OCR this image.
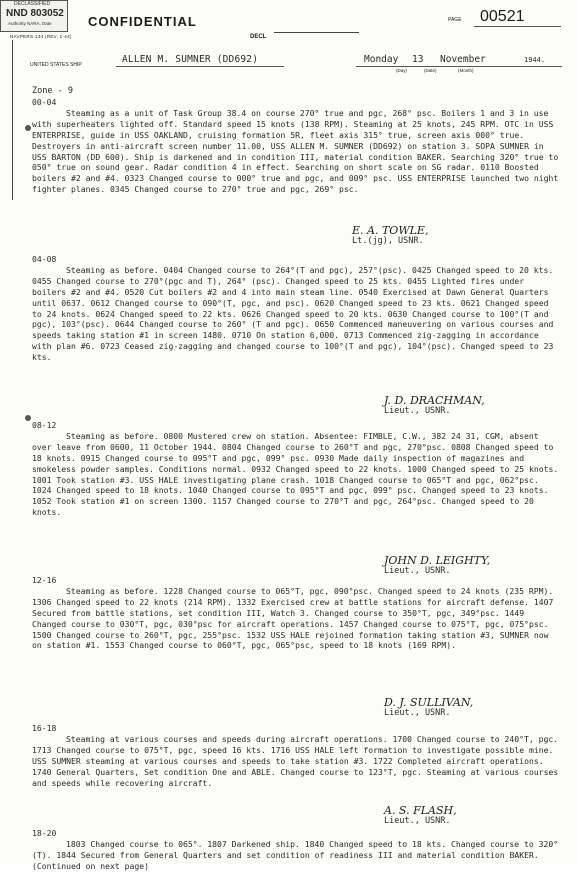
CONFIDENTIAL
NAVPERS-134 (REV. 1-44)
DECLASSIFIED
NND 803052
Authority NARA, Date
DECL
PAGE 00521
UNITED STATES SHIP	ALLEN M. SUMNER (DD692)	Monday 13 November	1944.
(Day)	(Date)	(Month)
Zone - 9
00-04
Steaming as a unit of Task Group 38.4 on course 270° true and pgc, 268° psc. Boilers 1 and 3 in use with superheaters lighted off. Standard speed 15 knots (138 RPM). Steaming at 25 knots, 245 RPM. OTC in USS ENTERPRISE, guide in USS OAKLAND, cruising formation 5R, fleet axis 315° true, screen axis 000° true. Destroyers in anti-aircraft screen number 11.00, USS ALLEN M. SUMNER (DD692) on station 3. SOPA SUMNER in USS BARTON (DD 600). Ship is darkened and in condition III, material condition BAKER. Searching 320° true to 050° true on sound gear. Radar condition 4 in effect. Searching on short scale on SG radar. 0110 Boosted boilers #2 and #4. 0323 Changed course to 000° true and pgc, and 009° psc. USS ENTERPRISE launched two night fighter planes. 0345 Changed course to 270° true and pgc, 269° psc.
E. A. TOWLE,
Lt.(jg), USNR.
04-08
Steaming as before. 0404 Changed course to 264°(T and pgc), 257°(psc). 0425 Changed speed to 20 kts. 0455 Changed course to 270°(pgc and T), 264° (psc). Changed speed to 25 kts. 0455 Lighted fires under boilers #2 and #4. 0520 Cut boilers #2 and 4 into main steam line. 0540 Exercised at Dawn General Quarters until 0637. 0612 Changed course to 090°(T, pgc, and psc). 0620 Changed speed to 23 kts. 0621 Changed speed to 24 knots. 0624 Changed speed to 22 kts. 0626 Changed speed to 20 kts. 0630 Changed course to 100°(T and pgc), 103°(psc). 0644 Changed course to 260° (T and pgc). 0650 Commenced maneuvering on various courses and speeds taking station #1 in screen 1480. 0710 On station 6,000. 0713 Commenced zig-zagging in accordance with plan #6. 0723 Ceased zig-zagging and changed course to 100°(T and pgc), 104°(psc). Changed speed to 23 kts.
J. D. DRACHMAN,
Lieut., USNR.
08-12
Steaming as before. 0800 Mustered crew on station. Absentee: FIMBLE, C.W., 382 24 31, CGM, absent over leave from 0600, 11 October 1944. 0804 Changed course to 260°T and pgc, 270°psc. 0808 Changed speed to 18 knots. 0915 Changed course to 095°T and pgc, 099° psc. 0930 Made daily inspection of magazines and smokeless powder samples. Conditions normal. 0932 Changed speed to 22 knots. 1000 Changed speed to 25 knots. 1001 Took station #3. USS HALE investigating plane crash. 1018 Changed course to 065°T and pgc, 062°psc. 1024 Changed speed to 18 knots. 1040 Changed course to 095°T and pgc, 099° psc. Changed speed to 23 knots. 1052 Took station #1 on screen 1300. 1157 Changed course to 270°T and pgc, 264°psc. Changed speed to 20 knots.
JOHN D. LEIGHTY,
Lieut., USNR.
12-16
Steaming as before. 1228 Changed course to 065°T, pgc, 090°psc. Changed speed to 24 knots (235 RPM). 1306 Changed speed to 22 knots (214 RPM). 1332 Exercised crew at battle stations for aircraft defense. 1407 Secured from battle stations, set condition III, Watch 3. Changed course to 350°T, pgc, 349°psc. 1449 Changed course to 030°T, pgc, 030°psc for aircraft operations. 1457 Changed course to 075°T, pgc, 075°psc. 1500 Changed course to 260°T, pgc, 255°psc. 1532 USS HALE rejoined formation taking station #3, SUMNER now on station #1. 1553 Changed course to 060°T, pgc, 065°psc, speed to 18 knots (169 RPM).
D. J. SULLIVAN,
Lieut., USNR.
16-18
Steaming at various courses and speeds during aircraft operations. 1700 Changed course to 240°T, pgc. 1713 Changed course to 075°T, pgc, speed 16 kts. 1716 USS HALE left formation to investigate possible mine. USS SUMNER steaming at various courses and speeds to take station #3. 1722 Completed aircraft operations. 1740 General Quarters, Set condition One and ABLE. Changed course to 123°T, pgc. Steaming at various courses and speeds while recovering aircraft.
A. S. FLASH,
Lieut., USNR.
18-20
1803 Changed course to 065°. 1807 Darkened ship. 1840 Changed speed to 18 kts. Changed course to 320°(T). 1844 Secured from General Quarters and set condition of readiness III and material condition BAKER. (Continued on next page)
